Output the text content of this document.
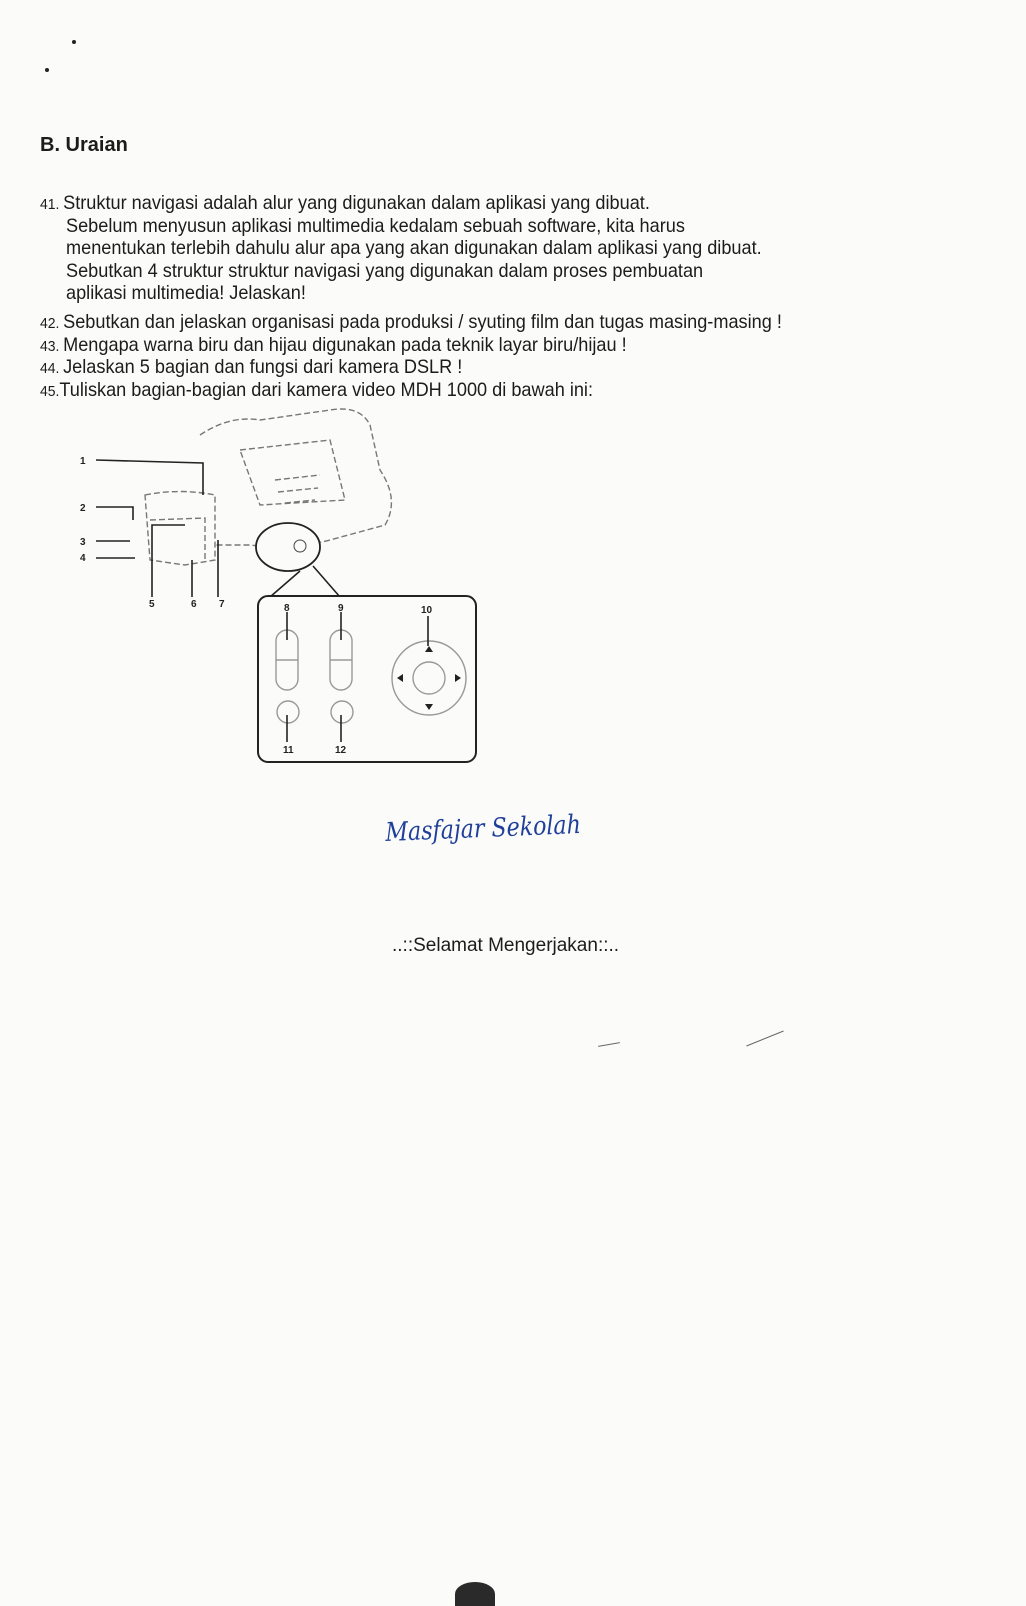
B. Uraian
41. Struktur navigasi adalah alur yang digunakan dalam aplikasi yang dibuat.
Sebelum menyusun aplikasi multimedia kedalam sebuah software, kita harus
menentukan terlebih dahulu alur apa yang akan digunakan dalam aplikasi yang dibuat.
Sebutkan 4 struktur struktur navigasi yang digunakan dalam proses pembuatan
aplikasi multimedia! Jelaskan!
42. Sebutkan dan jelaskan organisasi pada produksi / syuting film dan tugas masing-masing !
43. Mengapa warna biru dan hijau digunakan pada teknik layar biru/hijau !
44. Jelaskan 5 bagian dan fungsi dari kamera DSLR !
45.Tuliskan bagian-bagian dari kamera video MDH 1000 di bawah ini:
1
2
3
4
5	6 7	8	9	10
11	12
Masfajar Sekolah
..::Selamat Mengerjakan::..
